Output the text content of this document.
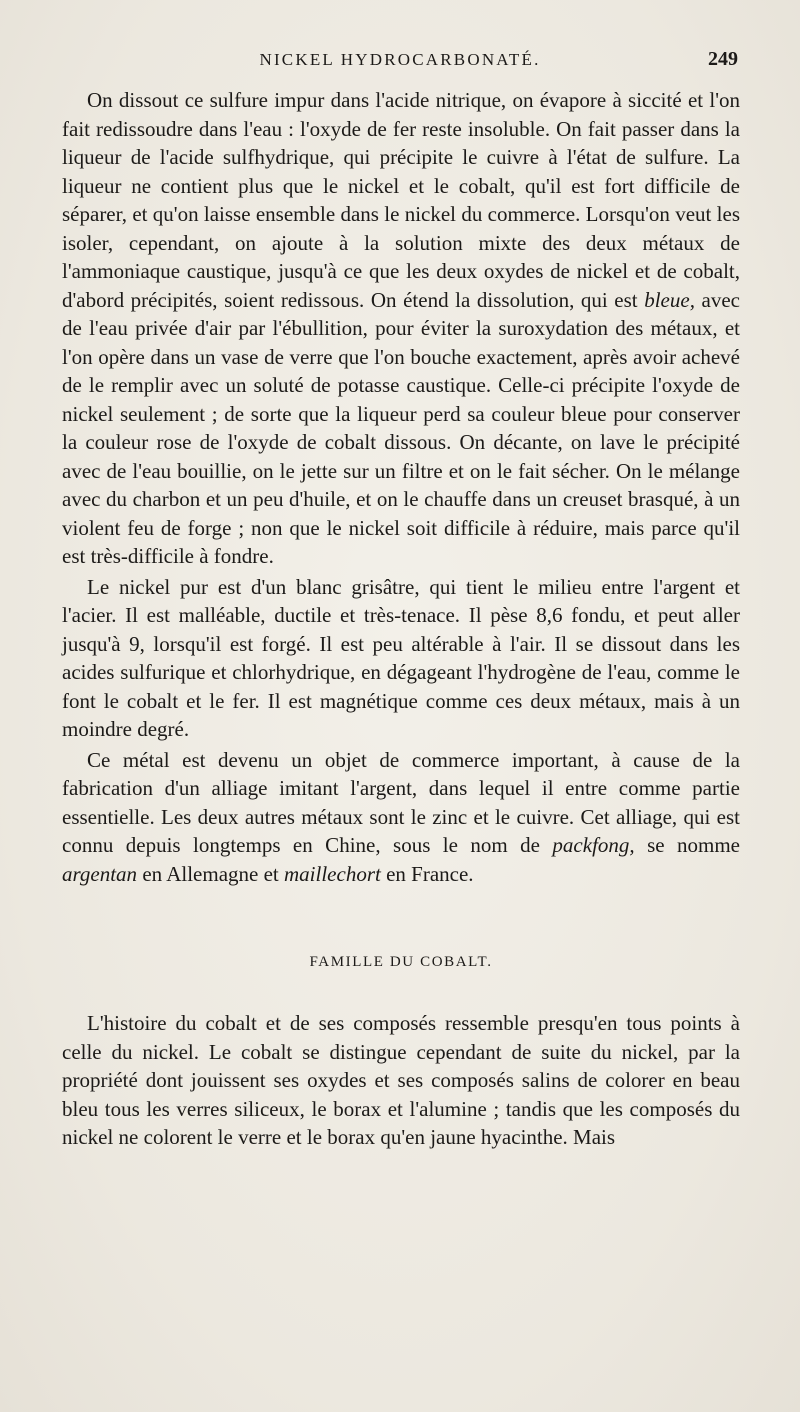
NICKEL HYDROCARBONATÉ.	249

On dissout ce sulfure impur dans l'acide nitrique, on évapore à siccité et l'on fait redissoudre dans l'eau : l'oxyde de fer reste insoluble. On fait passer dans la liqueur de l'acide sulfhydrique, qui précipite le cuivre à l'état de sulfure. La liqueur ne contient plus que le nickel et le cobalt, qu'il est fort difficile de séparer, et qu'on laisse ensemble dans le nickel du commerce. Lorsqu'on veut les isoler, cependant, on ajoute à la solution mixte des deux métaux de l'ammoniaque caustique, jusqu'à ce que les deux oxydes de nickel et de cobalt, d'abord précipités, soient redissous. On étend la dissolution, qui est bleue, avec de l'eau privée d'air par l'ébullition, pour éviter la suroxydation des métaux, et l'on opère dans un vase de verre que l'on bouche exactement, après avoir achevé de le remplir avec un soluté de potasse caustique. Celle-ci précipite l'oxyde de nickel seulement ; de sorte que la liqueur perd sa couleur bleue pour conserver la couleur rose de l'oxyde de cobalt dissous. On décante, on lave le précipité avec de l'eau bouillie, on le jette sur un filtre et on le fait sécher. On le mélange avec du charbon et un peu d'huile, et on le chauffe dans un creuset brasqué, à un violent feu de forge ; non que le nickel soit difficile à réduire, mais parce qu'il est très-difficile à fondre.

Le nickel pur est d'un blanc grisâtre, qui tient le milieu entre l'argent et l'acier. Il est malléable, ductile et très-tenace. Il pèse 8,6 fondu, et peut aller jusqu'à 9, lorsqu'il est forgé. Il est peu altérable à l'air. Il se dissout dans les acides sulfurique et chlorhydrique, en dégageant l'hydrogène de l'eau, comme le font le cobalt et le fer. Il est magnétique comme ces deux métaux, mais à un moindre degré.

Ce métal est devenu un objet de commerce important, à cause de la fabrication d'un alliage imitant l'argent, dans lequel il entre comme partie essentielle. Les deux autres métaux sont le zinc et le cuivre. Cet alliage, qui est connu depuis longtemps en Chine, sous le nom de packfong, se nomme argentan en Allemagne et maillechort en France.

FAMILLE DU COBALT.

L'histoire du cobalt et de ses composés ressemble presqu'en tous points à celle du nickel. Le cobalt se distingue cependant de suite du nickel, par la propriété dont jouissent ses oxydes et ses composés salins de colorer en beau bleu tous les verres siliceux, le borax et l'alumine ; tandis que les composés du nickel ne colorent le verre et le borax qu'en jaune hyacinthe. Mais
